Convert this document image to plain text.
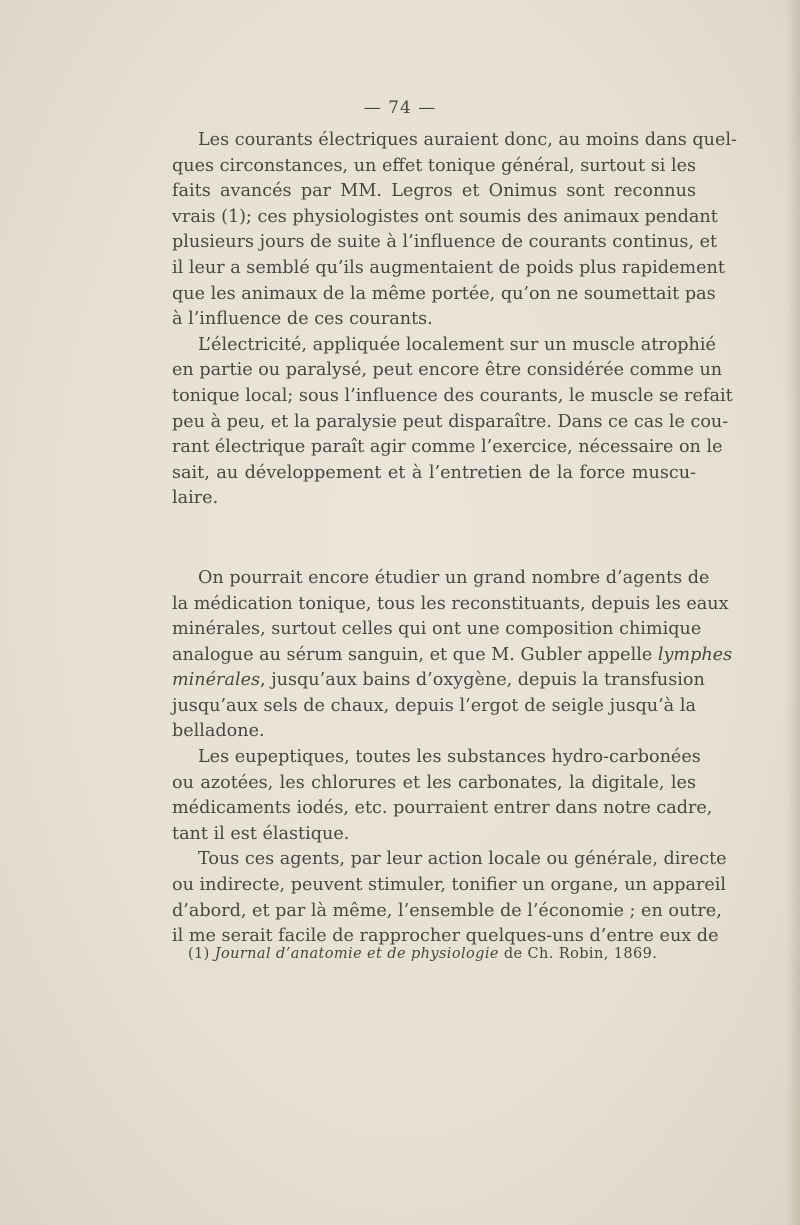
— 74 —
Les courants électriques auraient donc, au moins dans quel-
ques circonstances, un effet tonique général, surtout si les
faits avancés par MM. Legros et Onimus sont reconnus
vrais (1); ces physiologistes ont soumis des animaux pendant
plusieurs jours de suite à l’influence de courants continus, et
il leur a semblé qu’ils augmentaient de poids plus rapidement
que les animaux de la même portée, qu’on ne soumettait pas
à l’influence de ces courants.
L’électricité, appliquée localement sur un muscle atrophié
en partie ou paralysé, peut encore être considérée comme un
tonique local; sous l’influence des courants, le muscle se refait
peu à peu, et la paralysie peut disparaître. Dans ce cas le cou-
rant électrique paraît agir comme l’exercice, nécessaire on le
sait, au développement et à l’entretien de la force muscu-
laire.
On pourrait encore étudier un grand nombre d’agents de
la médication tonique, tous les reconstituants, depuis les eaux
minérales, surtout celles qui ont une composition chimique
analogue au sérum sanguin, et que M. Gubler appelle lymphes
minérales, jusqu’aux bains d’oxygène, depuis la transfusion
jusqu’aux sels de chaux, depuis l’ergot de seigle jusqu’à la
belladone.
Les eupeptiques, toutes les substances hydro-carbonées
ou azotées, les chlorures et les carbonates, la digitale, les
médicaments iodés, etc. pourraient entrer dans notre cadre,
tant il est élastique.
Tous ces agents, par leur action locale ou générale, directe
ou indirecte, peuvent stimuler, tonifier un organe, un appareil
d’abord, et par là même, l’ensemble de l’économie ; en outre,
il me serait facile de rapprocher quelques-uns d’entre eux de
(1) Journal d’anatomie et de physiologie de Ch. Robin, 1869.
